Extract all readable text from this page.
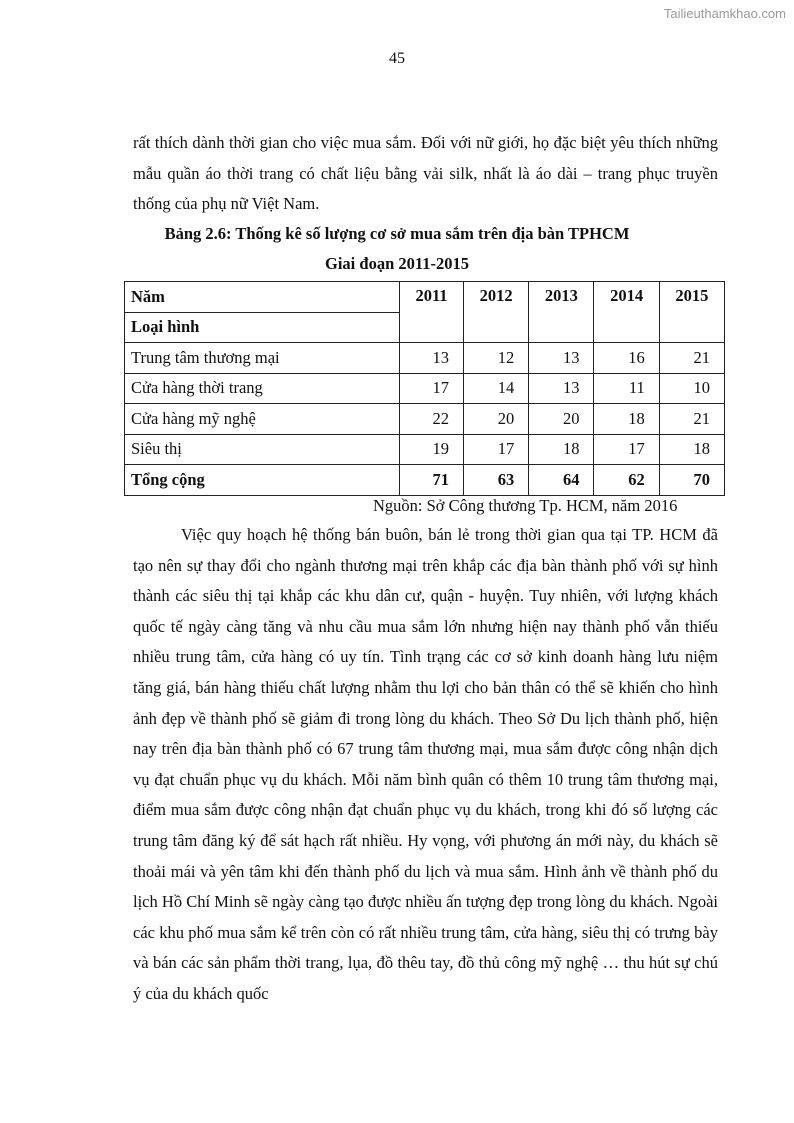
Tailieuthamkhao.com
45

rất thích dành thời gian cho việc mua sắm. Đối với nữ giới, họ đặc biệt yêu thích những mẫu quần áo thời trang có chất liệu bằng vải silk, nhất là áo dài – trang phục truyền thống của phụ nữ Việt Nam.

Bảng 2.6: Thống kê số lượng cơ sở mua sắm trên địa bàn TPHCM
Giai đoạn 2011-2015
Năm	2011	2012	2013	2014	2015
Loại hình					
Trung tâm thương mại	13	12	13	16	21
Cửa hàng thời trang	17	14	13	11	10
Cửa hàng mỹ nghệ	22	20	20	18	21
Siêu thị	19	17	18	17	18
Tổng cộng	71	63	64	62	70
Nguồn: Sở Công thương Tp. HCM, năm 2016

Việc quy hoạch hệ thống bán buôn, bán lẻ trong thời gian qua tại TP. HCM đã tạo nên sự thay đổi cho ngành thương mại trên khắp các địa bàn thành phố với sự hình thành các siêu thị tại khắp các khu dân cư, quận - huyện. Tuy nhiên, với lượng khách quốc tế ngày càng tăng và nhu cầu mua sắm lớn nhưng hiện nay thành phố vẫn thiếu nhiều trung tâm, cửa hàng có uy tín. Tình trạng các cơ sở kinh doanh hàng lưu niệm tăng giá, bán hàng thiếu chất lượng nhằm thu lợi cho bản thân có thể sẽ khiến cho hình ảnh đẹp về thành phố sẽ giảm đi trong lòng du khách. Theo Sở Du lịch thành phố, hiện nay trên địa bàn thành phố có 67 trung tâm thương mại, mua sắm được công nhận dịch vụ đạt chuẩn phục vụ du khách. Mỗi năm bình quân có thêm 10 trung tâm thương mại, điểm mua sắm được công nhận đạt chuẩn phục vụ du khách, trong khi đó số lượng các trung tâm đăng ký để sát hạch rất nhiều. Hy vọng, với phương án mới này, du khách sẽ thoải mái và yên tâm khi đến thành phố du lịch và mua sắm. Hình ảnh về thành phố du lịch Hồ Chí Minh sẽ ngày càng tạo được nhiều ấn tượng đẹp trong lòng du khách. Ngoài các khu phố mua sắm kể trên còn có rất nhiều trung tâm, cửa hàng, siêu thị có trưng bày và bán các sản phẩm thời trang, lụa, đồ thêu tay, đồ thủ công mỹ nghệ … thu hút sự chú ý của du khách quốc
